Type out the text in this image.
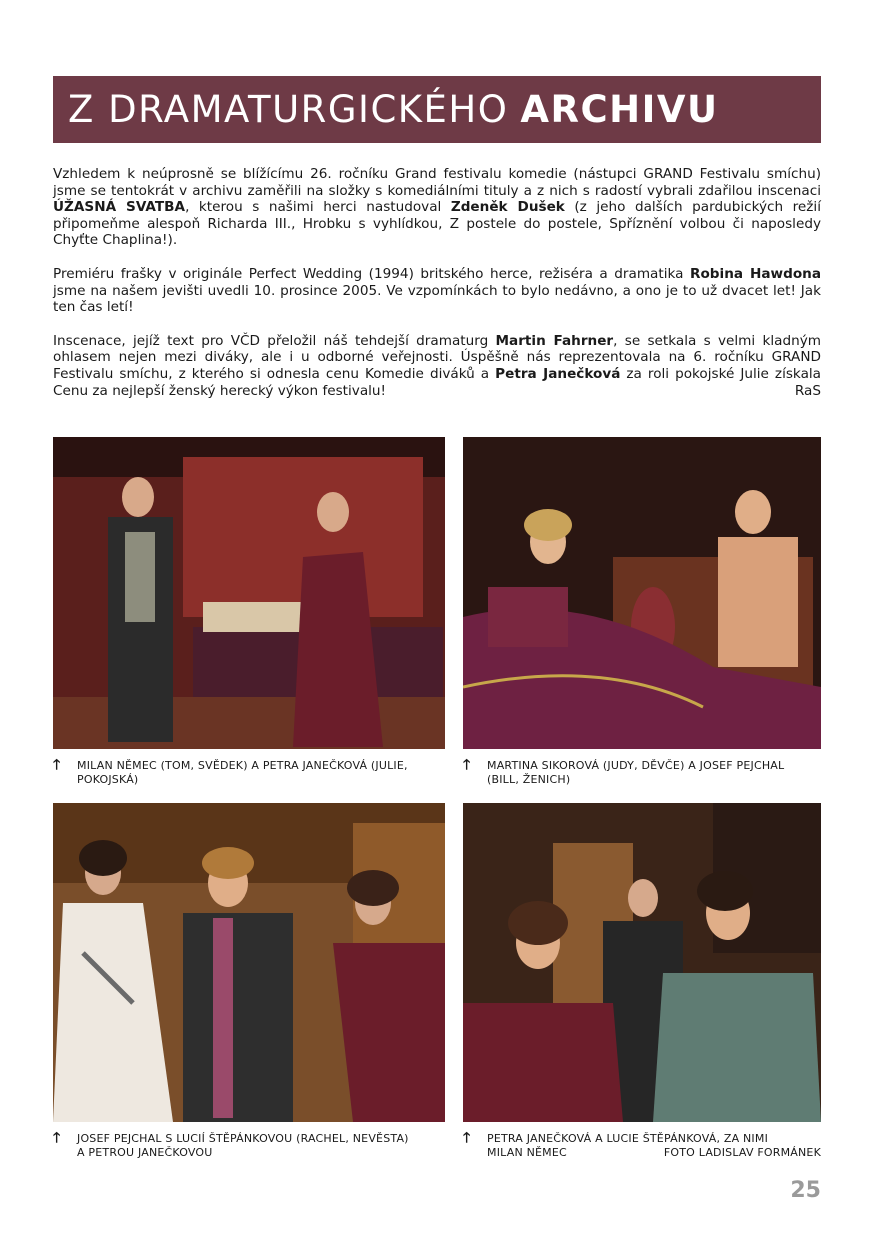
Z DRAMATURGICKÉHO ARCHIVU

Vzhledem k neúprosně se blížícímu 26. ročníku Grand festivalu komedie (nástupci GRAND Festivalu smíchu) jsme se tentokrát v archivu zaměřili na složky s komediálními tituly a z nich s radostí vybrali zdařilou inscenaci ÚŽASNÁ SVATBA, kterou s našimi herci nastudoval Zdeněk Dušek (z jeho dalších pardubických režií připomeňme alespoň Richarda III., Hrobku s vyhlídkou, Z postele do postele, Spříznění volbou či naposledy Chyťte Chaplina!).

Premiéru frašky v originále Perfect Wedding (1994) britského herce, režiséra a dramatika Robina Hawdona jsme na našem jevišti uvedli 10. prosince 2005. Ve vzpomínkách to bylo nedávno, a ono je to už dvacet let! Jak ten čas letí!

Inscenace, jejíž text pro VČD přeložil náš tehdejší dramaturg Martin Fahrner, se setkala s velmi kladným ohlasem nejen mezi diváky, ale i u odborné veřejnosti. Úspěšně nás reprezentovala na 6. ročníku GRAND Festivalu smíchu, z kterého si odnesla cenu Komedie diváků a Petra Janečková za roli pokojské Julie získala Cenu za nejlepší ženský herecký výkon festivalu!	RaS

🡑 MILAN NĚMEC (TOM, SVĚDEK) A PETRA JANEČKOVÁ (JULIE,
POKOJSKÁ)
🡑 MARTINA SIKOROVÁ (JUDY, DĚVČE) A JOSEF PEJCHAL
(BILL, ŽENICH)
🡑 JOSEF PEJCHAL S LUCIÍ ŠTĚPÁNKOVOU (RACHEL, NEVĚSTA)
A PETROU JANEČKOVOU
🡑 PETRA JANEČKOVÁ A LUCIE ŠTĚPÁNKOVÁ, ZA NIMI
MILAN NĚMEC	FOTO LADISLAV FORMÁNEK
25
